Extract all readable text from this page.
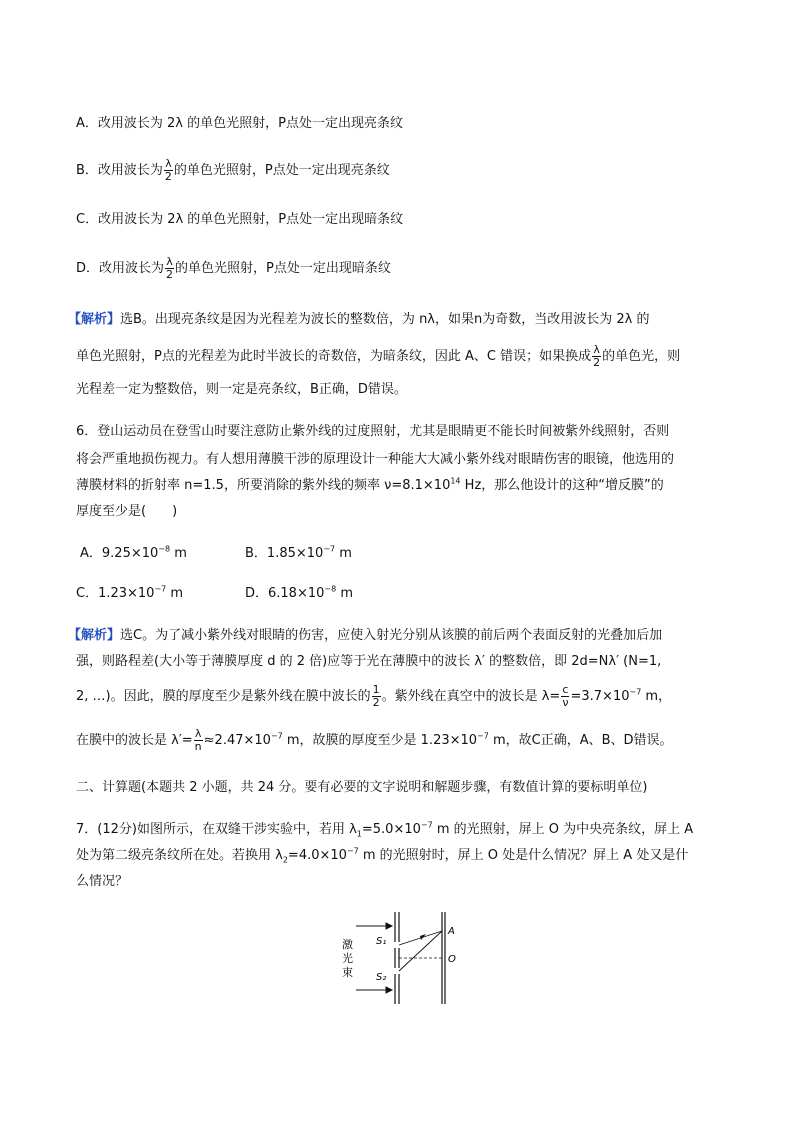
A．改用波长为 2λ 的单色光照射，P点处一定出现亮条纹
B．改用波长为 $\frac{\lambda}{2}$ 的单色光照射，P点处一定出现亮条纹
C．改用波长为 2λ 的单色光照射，P点处一定出现暗条纹
D．改用波长为 $\frac{\lambda}{2}$ 的单色光照射，P点处一定出现暗条纹
【解析】选B。出现亮条纹是因为光程差为波长的整数倍，为 nλ，如果n为奇数，当改用波长为 2λ 的
单色光照射，P点的光程差为此时半波长的奇数倍，为暗条纹，因此 A、C 错误；如果换成 $\frac{\lambda}{2}$ 的单色光，则
光程差一定为整数倍，则一定是亮条纹，B正确，D错误。
6．登山运动员在登雪山时要注意防止紫外线的过度照射，尤其是眼睛更不能长时间被紫外线照射，否则
将会严重地损伤视力。有人想用薄膜干涉的原理设计一种能大大减小紫外线对眼睛伤害的眼镜，他选用的
薄膜材料的折射率 n=1.5，所要消除的紫外线的频率 $\nu=8.1\times 10^{14}$ Hz，那么他设计的这种“增反膜”的
厚度至少是(　　)
A．$9.25\times 10^{-8}$ m	B．$1.85\times 10^{-7}$ m
C．$1.23\times 10^{-7}$ m	D．$6.18\times 10^{-8}$ m
【解析】选C。为了减小紫外线对眼睛的伤害，应使入射光分别从该膜的前后两个表面反射的光叠加后加
强，则路程差(大小等于薄膜厚度 d 的 2 倍)应等于光在薄膜中的波长 λ′ 的整数倍，即 2d=Nλ′ (N=1,
2, …)。因此，膜的厚度至少是紫外线在膜中波长的 $\frac{1}{2}$ 。紫外线在真空中的波长是 $\lambda= \frac{c}{\nu} =3.7\times 10^{-7}$ m，
在膜中的波长是 $\lambda'= \frac{\lambda}{n} \approx 2.47\times 10^{-7}$ m，故膜的厚度至少是 $1.23\times 10^{-7}$ m，故C正确，A、B、D错误。
二、计算题(本题共 2 小题，共 24 分。要有必要的文字说明和解题步骤，有数值计算的要标明单位)
7．(12分)如图所示，在双缝干涉实验中，若用 $\lambda_1=5.0\times 10^{-7}$ m 的光照射，屏上 O 为中央亮条纹，屏上 A
处为第二级亮条纹所在处。若换用 $\lambda_2=4.0\times 10^{-7}$ m 的光照射时，屏上 O 处是什么情况？屏上 A 处又是什
么情况？
激
光
束
S₁
S₂
A
O
